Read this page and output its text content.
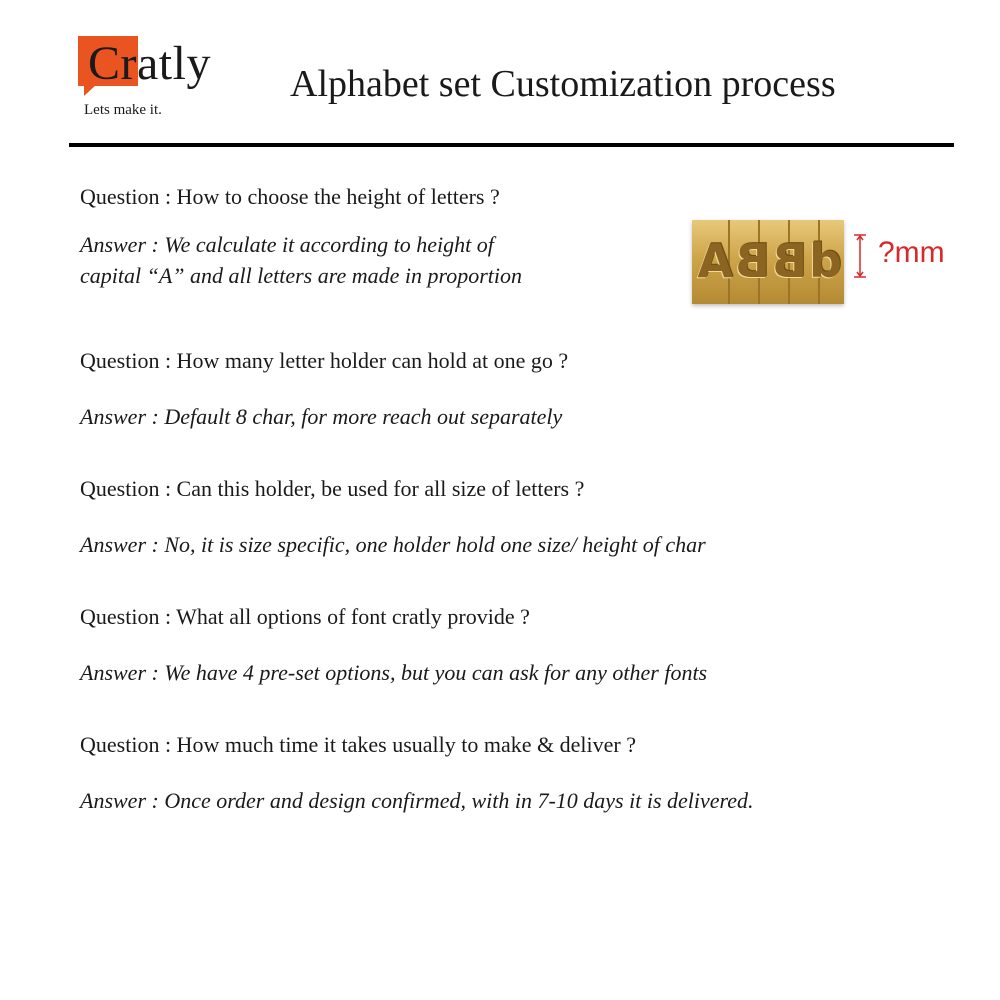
Cratly
Lets make it.
Alphabet set Customization process
Question : How to choose the height of letters ?
Answer : We calculate it according to height of
capital “A” and all letters are made in proportion	dBBA ?mm
Question : How many letter holder can hold at one go ?
Answer : Default 8 char, for more reach out separately
Question : Can this holder, be used for all size of letters ?
Answer : No, it is size specific, one holder hold one size/ height of char
Question : What all options of font cratly provide ?
Answer : We have 4 pre-set options, but you can ask for any other fonts
Question : How much time it takes usually to make & deliver ?
Answer : Once order and design confirmed, with in 7-10 days it is delivered.
